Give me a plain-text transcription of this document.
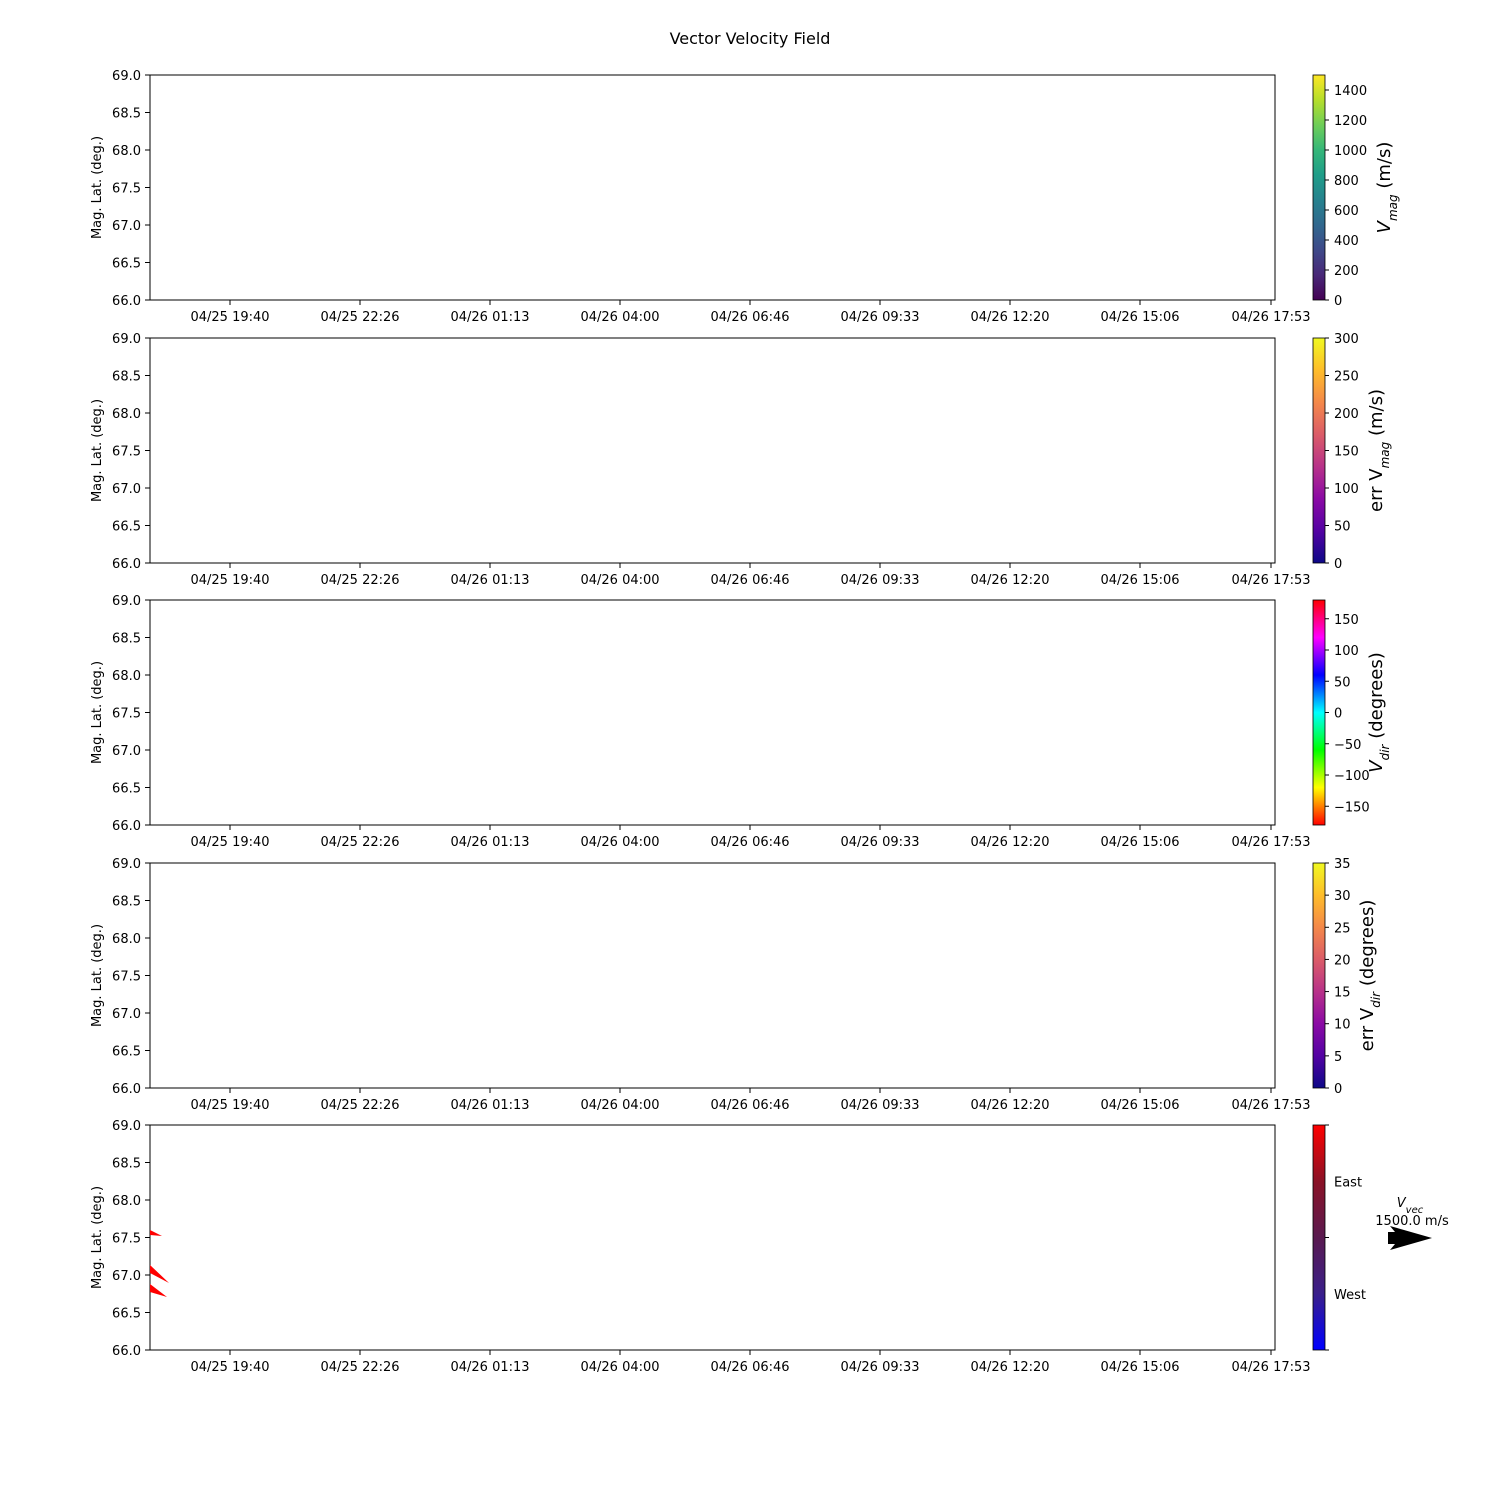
Vector Velocity Field
66.0
66.5
67.0
67.5
68.0
68.5
69.0
04/25 19:40	04/25 22:26	04/26 01:13	04/26 04:00	04/26 06:46	04/26 09:33	04/26 12:20	04/26 15:06	04/26 17:53
Mag. Lat. (deg.)
0
200
400
600
800
1000
1200
1400
$V_{mag}$ (m/s)
66.0
66.5
67.0
67.5
68.0
68.5
69.0
04/25 19:40	04/25 22:26	04/26 01:13	04/26 04:00	04/26 06:46	04/26 09:33	04/26 12:20	04/26 15:06	04/26 17:53
Mag. Lat. (deg.)
0
50
100
150
200
250
300
err $V_{mag}$ (m/s)
66.0
66.5
67.0
67.5
68.0
68.5
69.0
04/25 19:40	04/25 22:26	04/26 01:13	04/26 04:00	04/26 06:46	04/26 09:33	04/26 12:20	04/26 15:06	04/26 17:53
Mag. Lat. (deg.)
−150
−100
−50
0
50
100
150
$V_{dir}$ (degrees)
66.0
66.5
67.0
67.5
68.0
68.5
69.0
04/25 19:40	04/25 22:26	04/26 01:13	04/26 04:00	04/26 06:46	04/26 09:33	04/26 12:20	04/26 15:06	04/26 17:53
Mag. Lat. (deg.)
0
5
10
15
20
25
30
35
err $V_{dir}$ (degrees)
66.0
66.5
67.0
67.5
68.0
68.5
69.0
04/25 19:40	04/25 22:26	04/26 01:13	04/26 04:00	04/26 06:46	04/26 09:33	04/26 12:20	04/26 15:06	04/26 17:53
Mag. Lat. (deg.)
West
East
$V_{vec}$
1500.0 m/s
